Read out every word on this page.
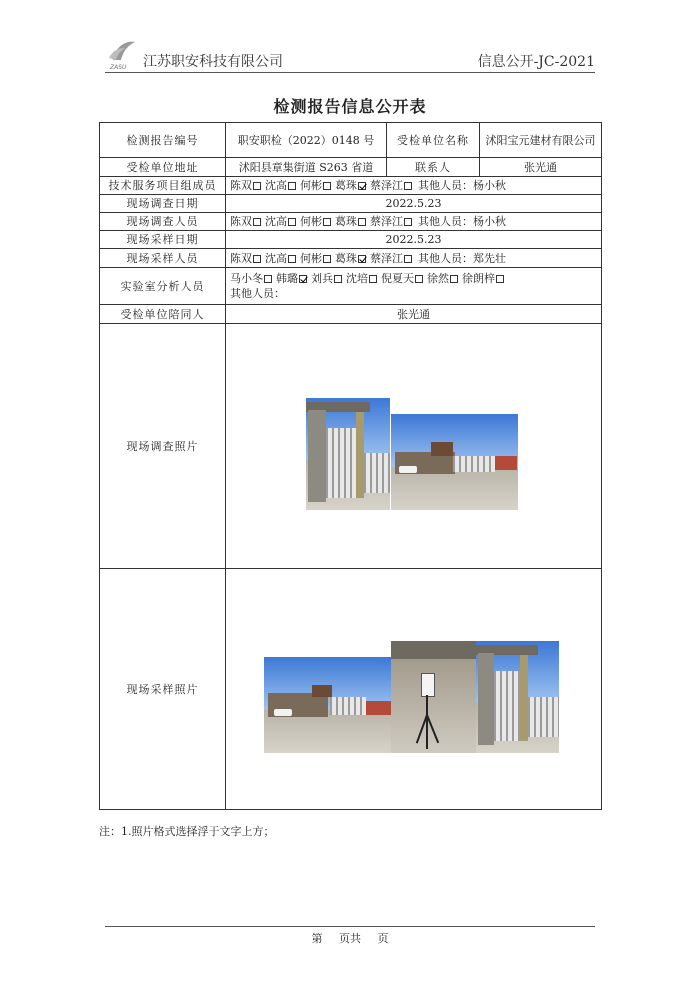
ZASU 江苏职安科技有限公司	信息公开-JC-2021
检测报告信息公开表
检测报告编号	职安职检（2022）0148 号	受检单位名称	沭阳宝元建材有限公司
受检单位地址	沭阳县章集街道 S263 省道	联系人	张光通
技术服务项目组成员	陈双 沈高 何彬 葛珠 蔡泽江 其他人员：杨小秋		
现场调查日期	2022.5.23		
现场调查人员	陈双 沈高 何彬 葛珠 蔡泽江 其他人员：杨小秋		
现场采样日期	2022.5.23		
现场采样人员	陈双 沈高 何彬 葛珠 蔡泽江 其他人员：郑先壮		
实验室分析人员	马小冬 韩璐 刘兵 沈培 倪夏天 徐然 徐朗梓
其他人员：		
受检单位陪同人	张光通		
现场调查照片			
现场采样照片			
注：1.照片格式选择浮于文字上方；
第 页共 页
